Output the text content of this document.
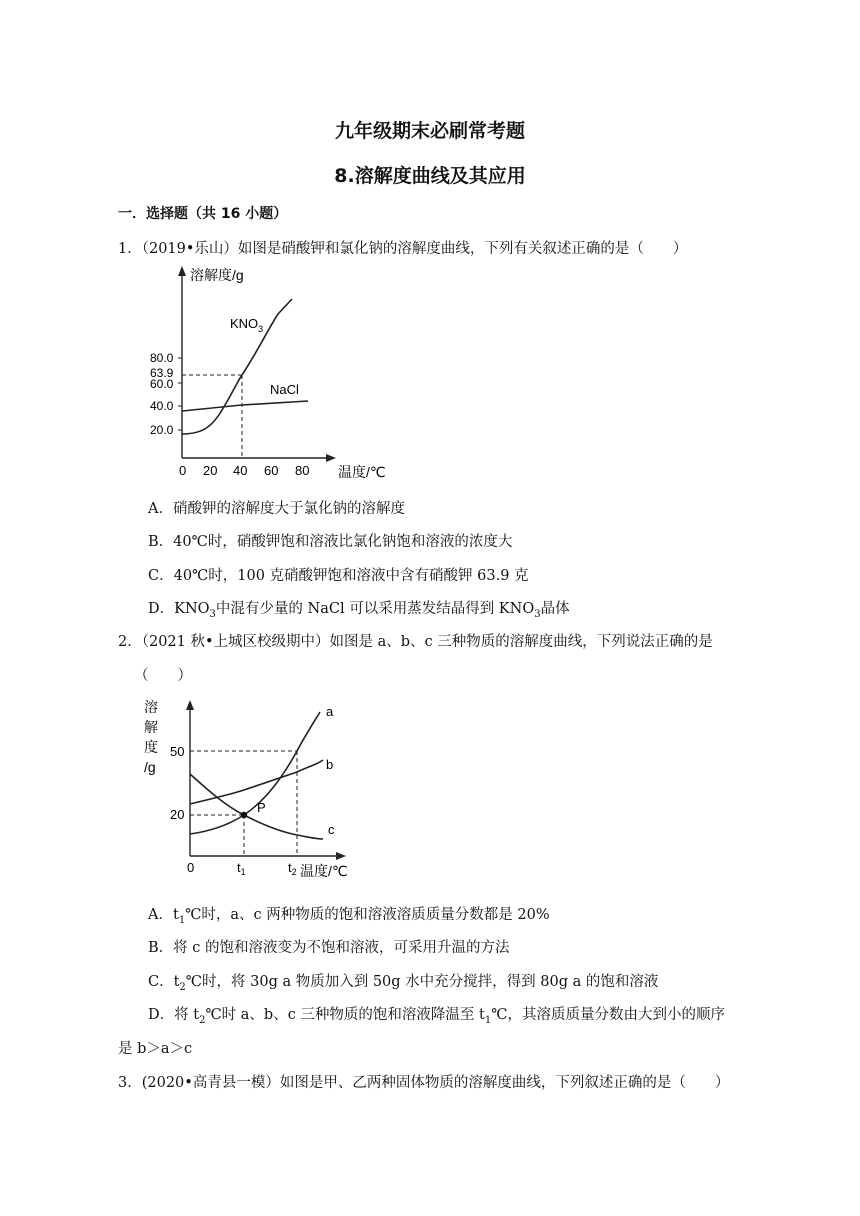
九年级期末必刷常考题
8.溶解度曲线及其应用
一．选择题（共 16 小题）
1．（2019•乐山）如图是硝酸钾和氯化钠的溶解度曲线，下列有关叙述正确的是（　　）
溶解度/g
温度/℃
80.0
63.9
60.0
40.0
20.0
0 20 40 60 80
$KNO_3$
NaCl
A．硝酸钾的溶解度大于氯化钠的溶解度
B．40℃时，硝酸钾饱和溶液比氯化钠饱和溶液的浓度大
C．40℃时，100 克硝酸钾饱和溶液中含有硝酸钾 63.9 克
D．$KNO_3$中混有少量的 NaCl 可以采用蒸发结晶得到 $KNO_3$晶体
2．（2021 秋•上城区校级期中）如图是 a、b、c 三种物质的溶解度曲线，下列说法正确的是
（　　）
溶
解
度
/g
温度/℃
50
20
0	$t_1$	$t_2$
P
a
b
c
A．$t_1℃$时，a、c 两种物质的饱和溶液溶质质量分数都是 20%
B．将 c 的饱和溶液变为不饱和溶液，可采用升温的方法
C．$t_2℃$时，将 30g a 物质加入到 50g 水中充分搅拌，得到 80g a 的饱和溶液
D．将 $t_2℃$时 a、b、c 三种物质的饱和溶液降温至 $t_1℃$，其溶质质量分数由大到小的顺序
是 b＞a＞c
3．(2020•高青县一模）如图是甲、乙两种固体物质的溶解度曲线，下列叙述正确的是（　　）
